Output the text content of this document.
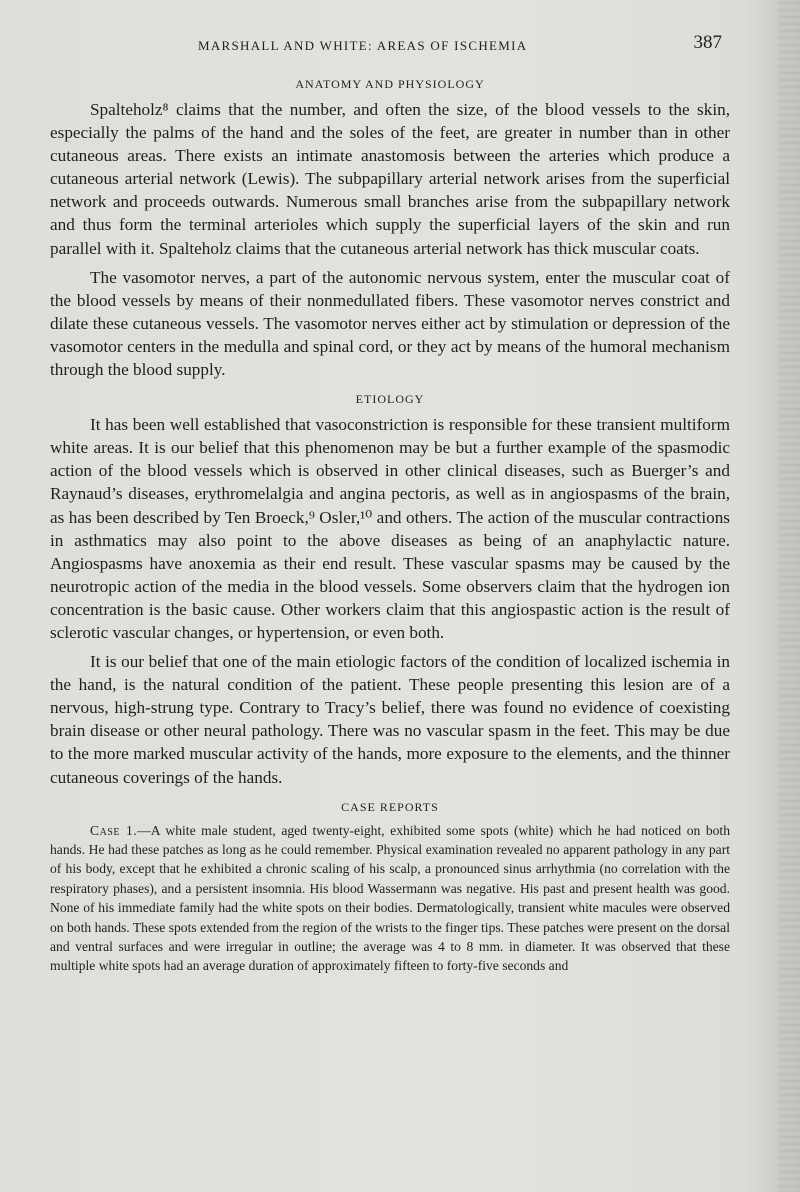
MARSHALL AND WHITE: AREAS OF ISCHEMIA	387
ANATOMY AND PHYSIOLOGY

Spalteholz⁸ claims that the number, and often the size, of the blood vessels to the skin, especially the palms of the hand and the soles of the feet, are greater in number than in other cutaneous areas. There exists an intimate anastomosis between the arteries which produce a cutaneous arterial network (Lewis). The subpapillary arterial network arises from the superficial network and proceeds outwards. Numerous small branches arise from the subpapillary network and thus form the terminal arterioles which supply the superficial layers of the skin and run parallel with it. Spalteholz claims that the cutaneous arterial network has thick muscular coats.

The vasomotor nerves, a part of the autonomic nervous system, enter the muscular coat of the blood vessels by means of their nonmedullated fibers. These vasomotor nerves constrict and dilate these cutaneous vessels. The vasomotor nerves either act by stimulation or depression of the vasomotor centers in the medulla and spinal cord, or they act by means of the humoral mechanism through the blood supply.

ETIOLOGY

It has been well established that vasoconstriction is responsible for these transient multiform white areas. It is our belief that this phenomenon may be but a further example of the spasmodic action of the blood vessels which is observed in other clinical diseases, such as Buerger’s and Raynaud’s diseases, erythromelalgia and angina pectoris, as well as in angiospasms of the brain, as has been described by Ten Broeck,⁹ Osler,¹⁰ and others. The action of the muscular contractions in asthmatics may also point to the above diseases as being of an anaphylactic nature. Angiospasms have anoxemia as their end result. These vascular spasms may be caused by the neurotropic action of the media in the blood vessels. Some observers claim that the hydrogen ion concentration is the basic cause. Other workers claim that this angiospastic action is the result of sclerotic vascular changes, or hypertension, or even both.

It is our belief that one of the main etiologic factors of the condition of localized ischemia in the hand, is the natural condition of the patient. These people presenting this lesion are of a nervous, high-strung type. Contrary to Tracy’s belief, there was found no evidence of coexisting brain disease or other neural pathology. There was no vascular spasm in the feet. This may be due to the more marked muscular activity of the hands, more exposure to the elements, and the thinner cutaneous coverings of the hands.

CASE REPORTS

Case 1.—A white male student, aged twenty-eight, exhibited some spots (white) which he had noticed on both hands. He had these patches as long as he could remember. Physical examination revealed no apparent pathology in any part of his body, except that he exhibited a chronic scaling of his scalp, a pronounced sinus arrhythmia (no correlation with the respiratory phases), and a persistent insomnia. His blood Wassermann was negative. His past and present health was good. None of his immediate family had the white spots on their bodies. Dermatologically, transient white macules were observed on both hands. These spots extended from the region of the wrists to the finger tips. These patches were present on the dorsal and ventral surfaces and were irregular in outline; the average was 4 to 8 mm. in diameter. It was observed that these multiple white spots had an average duration of approximately fifteen to forty-five seconds and
